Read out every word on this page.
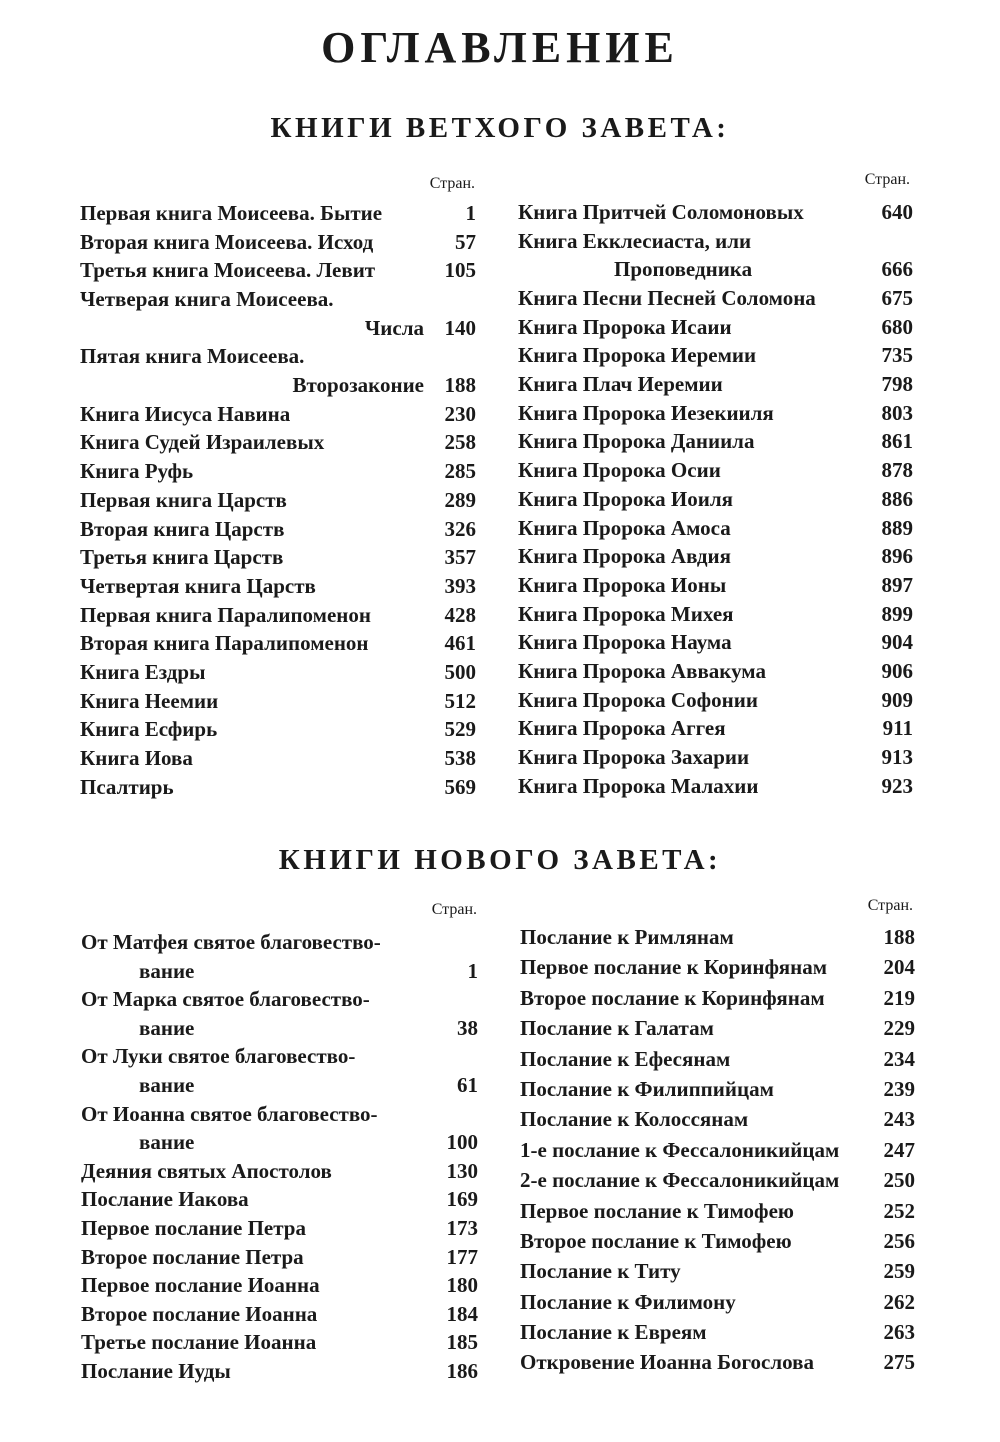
ОГЛАВЛЕНИЕ
КНИГИ ВЕТХОГО ЗАВЕТА:
Стран.	Стран.
Первая книга Моисеева. Бытие	1
Вторая книга Моисеева. Исход	57
Третья книга Моисеева. Левит	105
Четверая книга Моисеева.
Числа 140
Пятая книга Моисеева.
Второзаконие 188
Книга Иисуса Навина	230
Книга Судей Израилевых	258
Книга Руфь	285
Первая книга Царств	289
Вторая книга Царств	326
Третья книга Царств	357
Четвертая книга Царств	393
Первая книга Паралипоменон	428
Вторая книга Паралипоменон	461
Книга Ездры	500
Книга Неемии	512
Книга Есфирь	529
Книга Иова	538
Псалтирь	569
Книга Притчей Соломоновых	640
Книга Екклесиаста, или
Проповедника	666
Книга Песни Песней Соломона	675
Книга Пророка Исаии	680
Книга Пророка Иеремии	735
Книга Плач Иеремии	798
Книга Пророка Иезекииля	803
Книга Пророка Даниила	861
Книга Пророка Осии	878
Книга Пророка Иоиля	886
Книга Пророка Амоса	889
Книга Пророка Авдия	896
Книга Пророка Ионы	897
Книга Пророка Михея	899
Книга Пророка Наума	904
Книга Пророка Аввакума	906
Книга Пророка Софонии	909
Книга Пророка Аггея	911
Книга Пророка Захарии	913
Книга Пророка Малахии	923
КНИГИ НОВОГО ЗАВЕТА:
Стран.	Стран.
От Матфея святое благовество-
вание	1
От Марка святое благовество-
вание	38
От Луки святое благовество-
вание	61
От Иоанна святое благовество-
вание	100
Деяния святых Апостолов	130
Послание Иакова	169
Первое послание Петра	173
Второе послание Петра	177
Первое послание Иоанна	180
Второе послание Иоанна	184
Третье послание Иоанна	185
Послание Иуды	186
Послание к Римлянам	188
Первое послание к Коринфянам	204
Второе послание к Коринфянам	219
Послание к Галатам	229
Послание к Ефесянам	234
Послание к Филиппийцам	239
Послание к Колоссянам	243
1-е послание к Фессалоникийцам	247
2-е послание к Фессалоникийцам	250
Первое послание к Тимофею	252
Второе послание к Тимофею	256
Послание к Титу	259
Послание к Филимону	262
Послание к Евреям	263
Откровение Иоанна Богослова	275
